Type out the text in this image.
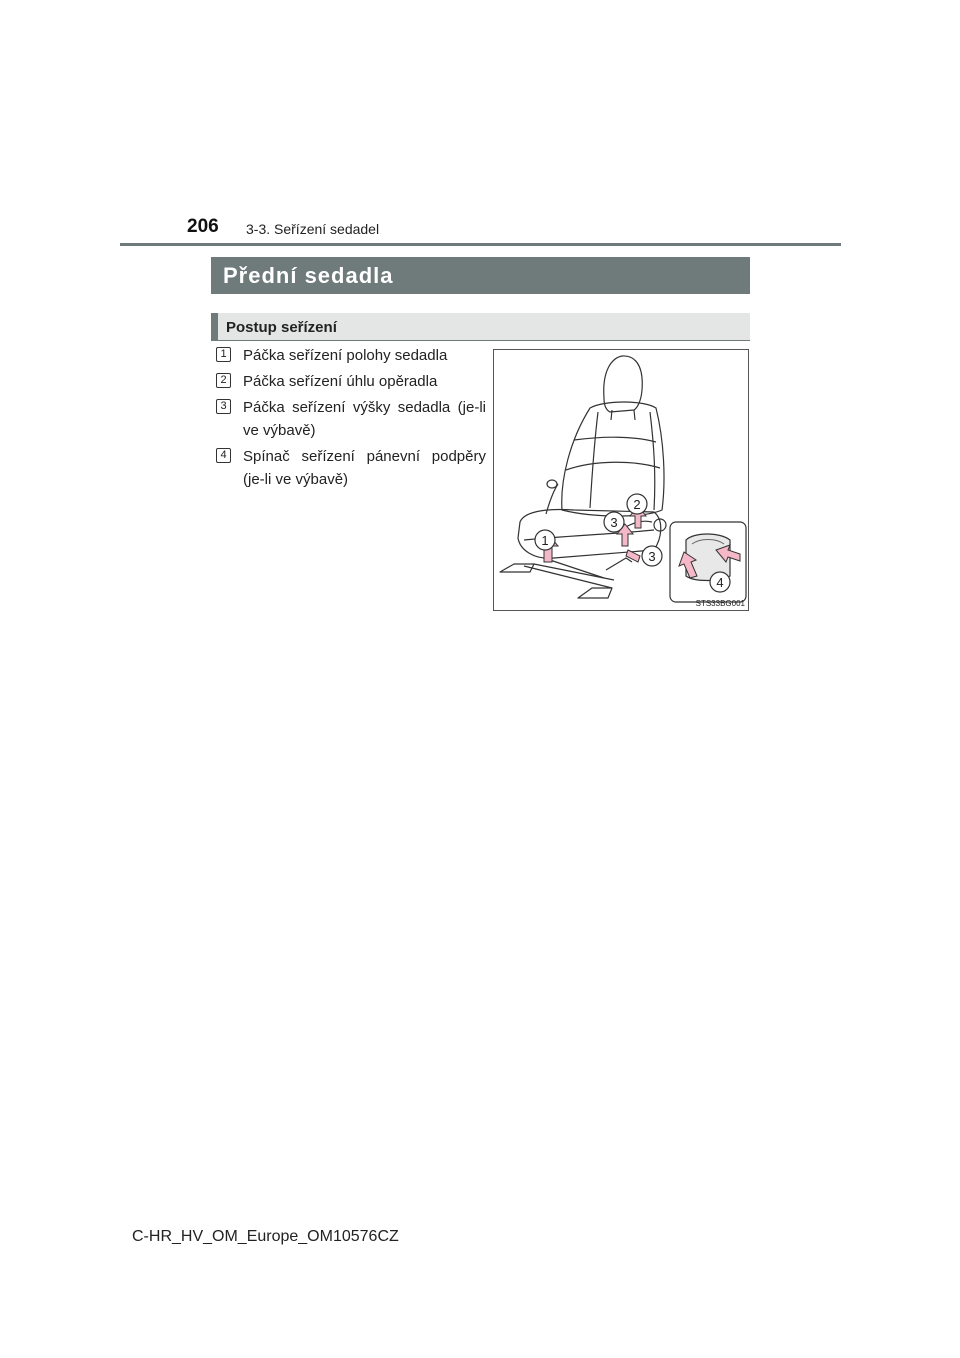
206 3-3. Seřízení sedadel
Přední sedadla
Postup seřízení
1 Páčka seřízení polohy sedadla
2 Páčka seřízení úhlu opěradla
3 Páčka seřízení výšky sedadla (je-li ve výbavě)
4 Spínač seřízení pánevní podpěry (je-li ve výbavě)
1
2
3
3
4
STS33BG001
C-HR_HV_OM_Europe_OM10576CZ
